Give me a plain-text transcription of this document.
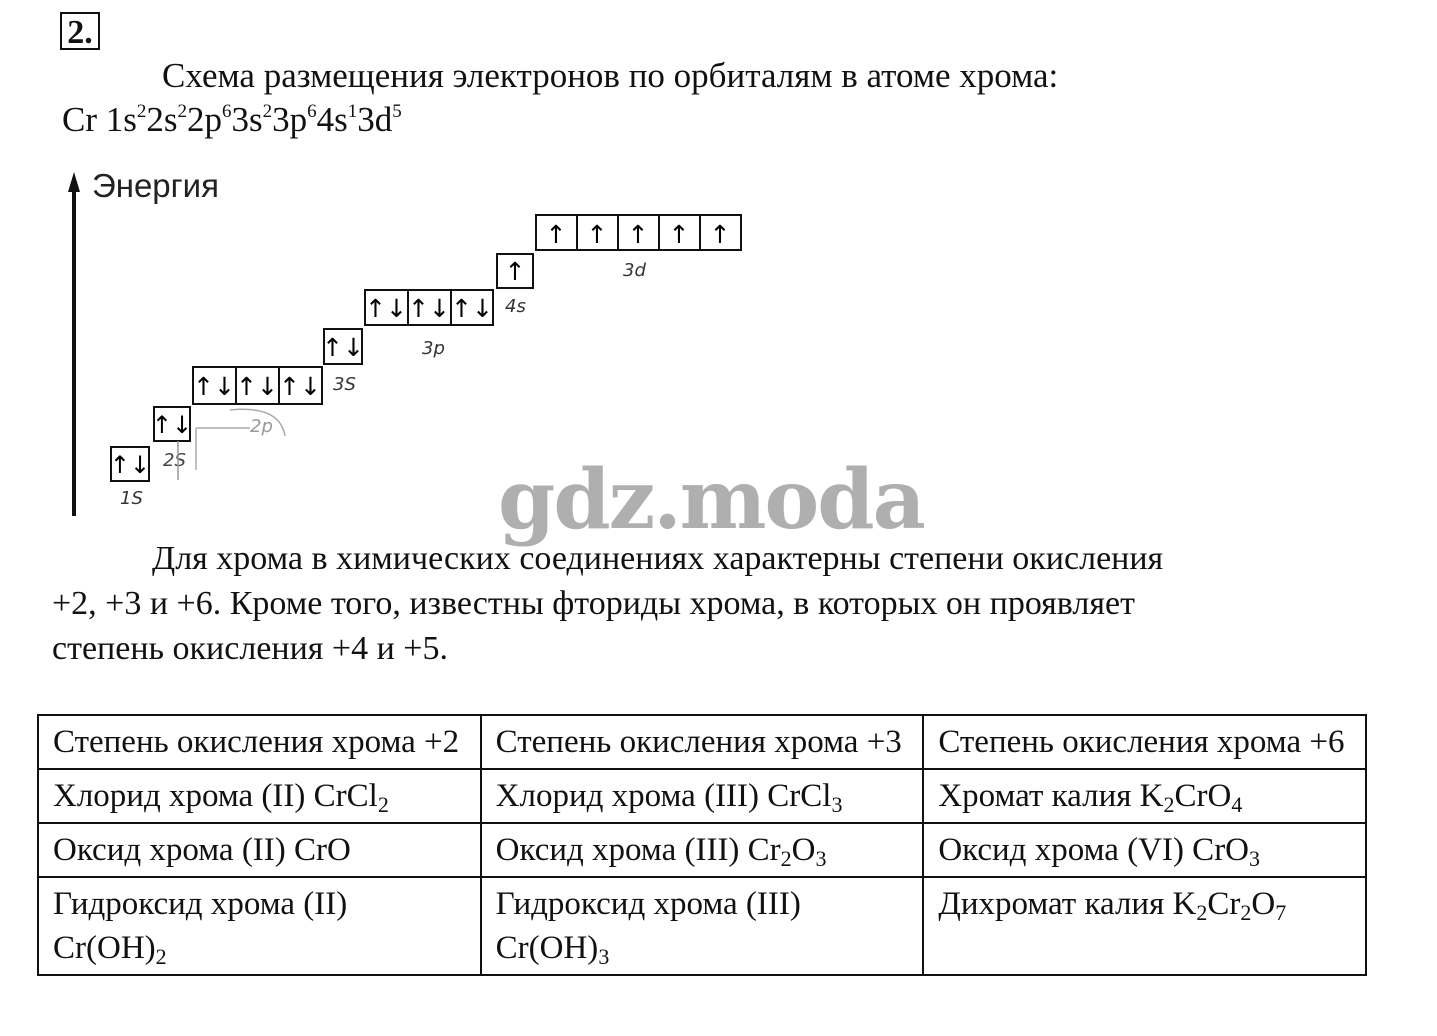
2.
Схема размещения электронов по орбиталям в атоме хрома:
Cr $1s^22s^22p^63s^23p^64s^13d^5$
Энергия
↑↓
1S
↑↓
2S
2p
↑↓ ↑↓ ↑↓
↑↓
3S
↑↓ ↑↓ ↑↓
3p
↑
4s
↑ ↑ ↑ ↑ ↑
3d
gdz.moda
Для хрома в химических соединениях характерны степени окисления
+2, +3 и +6. Кроме того, известны фториды хрома, в которых он проявляет
степень окисления +4 и +5.
Степень окисления хрома +2	Степень окисления хрома +3	Степень окисления хрома +6
Хлорид хрома (II) CrCl$_2$	Хлорид хрома (III) CrCl$_3$	Хромат калия $K_2CrO_4$
Оксид хрома (II) CrO	Оксид хрома (III) $Cr_2O_3$	Оксид хрома (VI) CrO$_3$
Гидроксид хрома (II) $Cr(OH)_2$	Гидроксид хрома (III) $Cr(OH)_3$	Дихромат калия $K_2Cr_2O_7$
